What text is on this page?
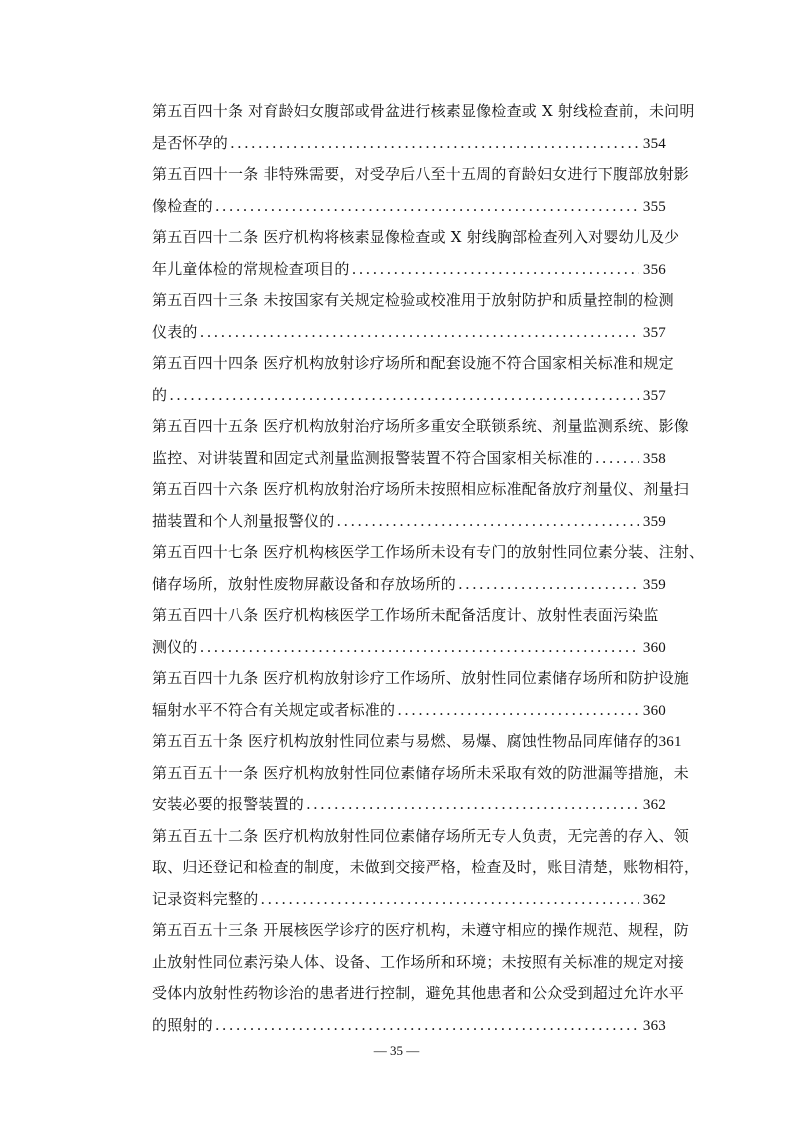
第五百四十条 对育龄妇女腹部或骨盆进行核素显像检查或 X 射线检查前，未问明
是否怀孕的 .....	354
第五百四十一条 非特殊需要，对受孕后八至十五周的育龄妇女进行下腹部放射影
像检查的 .....	355
第五百四十二条 医疗机构将核素显像检查或 X 射线胸部检查列入对婴幼儿及少
年儿童体检的常规检查项目的 .....	356
第五百四十三条 未按国家有关规定检验或校准用于放射防护和质量控制的检测
仪表的 .....	357
第五百四十四条 医疗机构放射诊疗场所和配套设施不符合国家相关标准和规定
的 .....	357
第五百四十五条 医疗机构放射治疗场所多重安全联锁系统、剂量监测系统、影像
监控、对讲装置和固定式剂量监测报警装置不符合国家相关标准的 .....	358
第五百四十六条 医疗机构放射治疗场所未按照相应标准配备放疗剂量仪、剂量扫
描装置和个人剂量报警仪的 .....	359
第五百四十七条 医疗机构核医学工作场所未设有专门的放射性同位素分装、注射、
储存场所，放射性废物屏蔽设备和存放场所的 .....	359
第五百四十八条 医疗机构核医学工作场所未配备活度计、放射性表面污染监
测仪的 .....	360
第五百四十九条 医疗机构放射诊疗工作场所、放射性同位素储存场所和防护设施
辐射水平不符合有关规定或者标准的 .....	360
第五百五十条 医疗机构放射性同位素与易燃、易爆、腐蚀性物品同库储存的361
第五百五十一条 医疗机构放射性同位素储存场所未采取有效的防泄漏等措施，未
安装必要的报警装置的 .....	362
第五百五十二条 医疗机构放射性同位素储存场所无专人负责，无完善的存入、领
取、归还登记和检查的制度，未做到交接严格，检查及时，账目清楚，账物相符，
记录资料完整的 .....	362
第五百五十三条 开展核医学诊疗的医疗机构，未遵守相应的操作规范、规程，防
止放射性同位素污染人体、设备、工作场所和环境；未按照有关标准的规定对接
受体内放射性药物诊治的患者进行控制，避免其他患者和公众受到超过允许水平
的照射的 .....	363
— 35 —
